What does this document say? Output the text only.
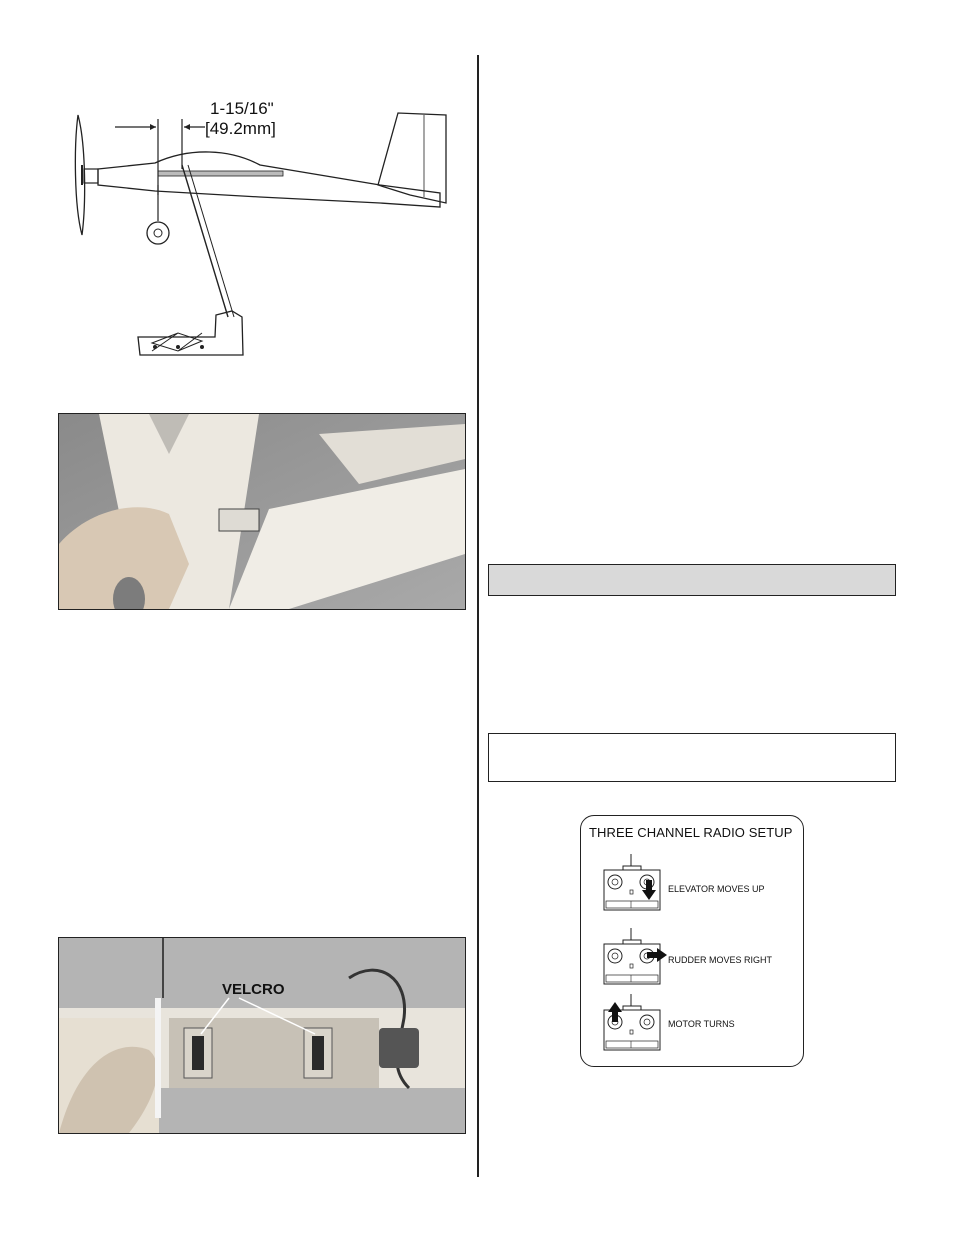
1-15/16"
[49.2mm]
VELCRO
THREE CHANNEL RADIO SETUP
ELEVATOR MOVES UP
RUDDER MOVES RIGHT
MOTOR TURNS
